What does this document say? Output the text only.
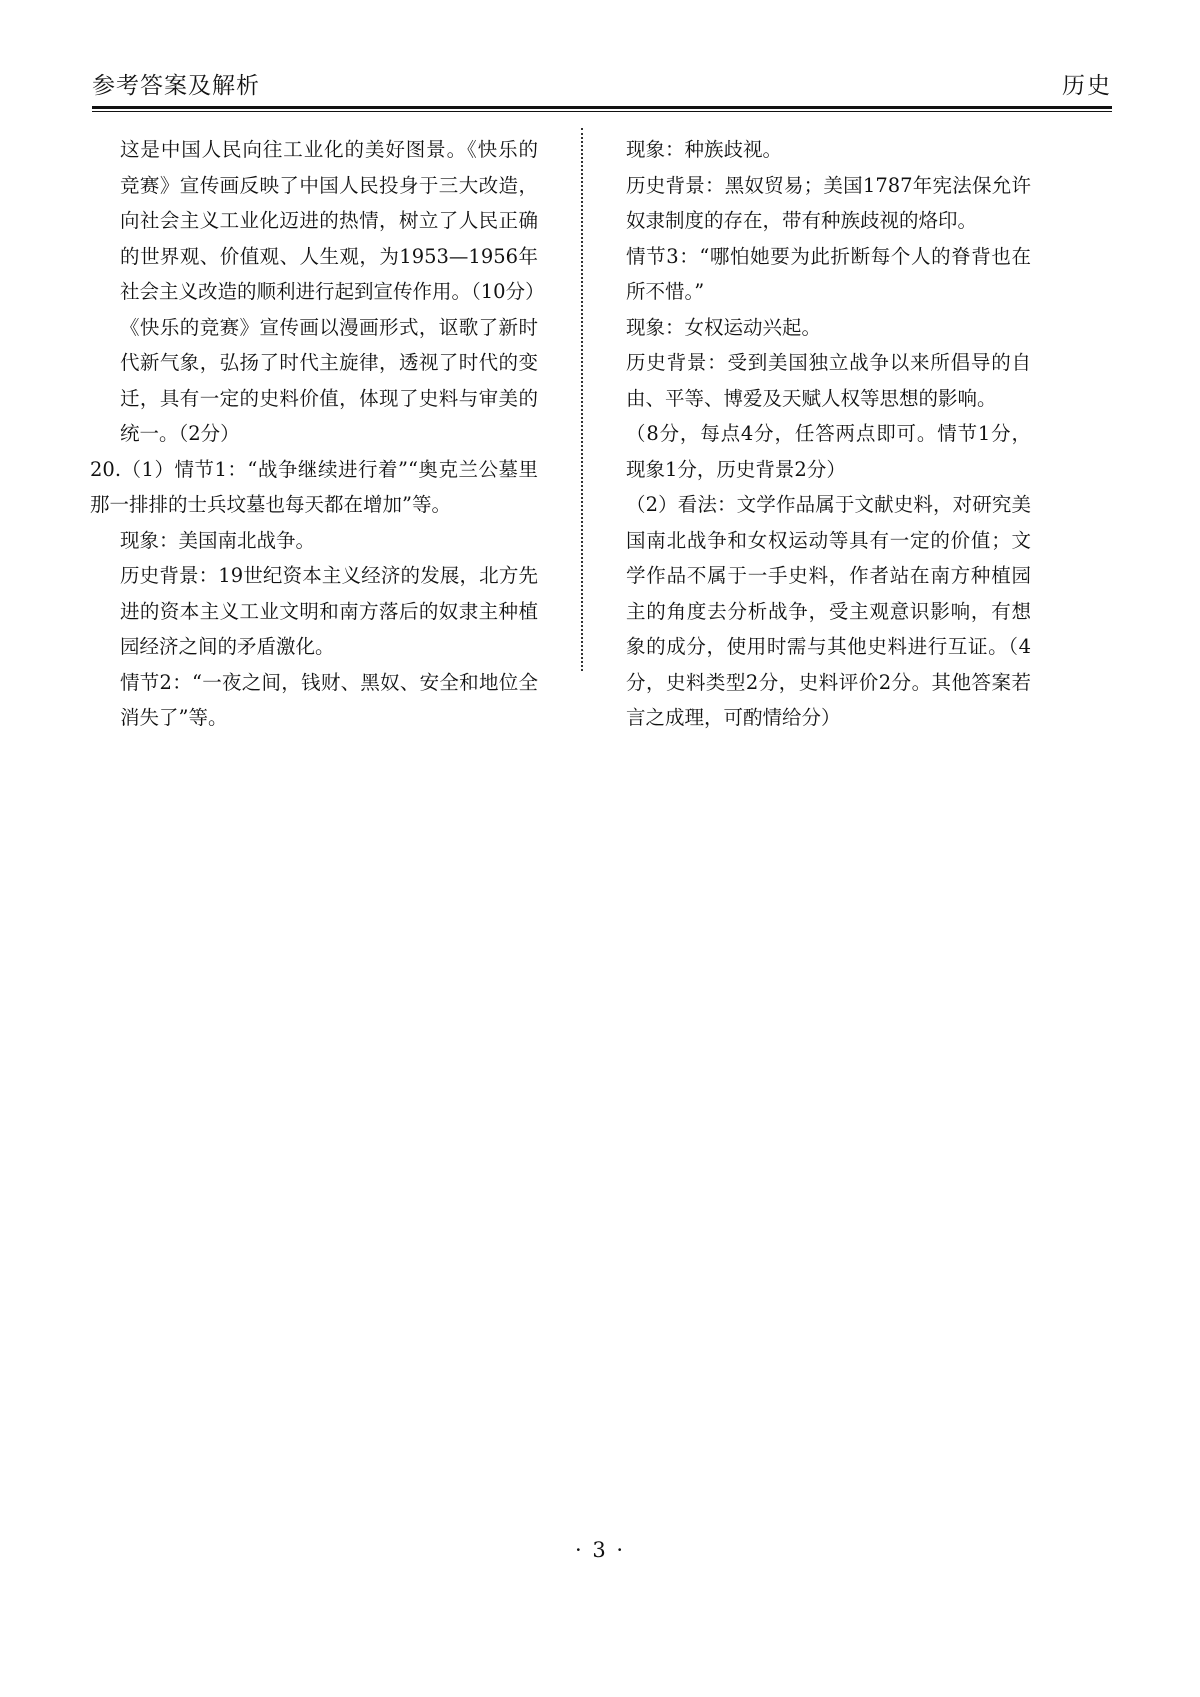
参考答案及解析	历史

这是中国人民向往工业化的美好图景。《快乐的竞赛》宣传画反映了中国人民投身于三大改造，向社会主义工业化迈进的热情，树立了人民正确的世界观、价值观、人生观，为1953—1956年社会主义改造的顺利进行起到宣传作用。（10分）

《快乐的竞赛》宣传画以漫画形式，讴歌了新时代新气象，弘扬了时代主旋律，透视了时代的变迁，具有一定的史料价值，体现了史料与审美的统一。（2分）

20.（1）情节1：“战争继续进行着”“奥克兰公墓里那一排排的士兵坟墓也每天都在增加”等。

现象：美国南北战争。

历史背景：19世纪资本主义经济的发展，北方先进的资本主义工业文明和南方落后的奴隶主种植园经济之间的矛盾激化。

情节2：“一夜之间，钱财、黑奴、安全和地位全消失了”等。

现象：种族歧视。

历史背景：黑奴贸易；美国1787年宪法保允许奴隶制度的存在，带有种族歧视的烙印。

情节3：“哪怕她要为此折断每个人的脊背也在所不惜。”

现象：女权运动兴起。

历史背景：受到美国独立战争以来所倡导的自由、平等、博爱及天赋人权等思想的影响。

（8分，每点4分，任答两点即可。情节1分，现象1分，历史背景2分）

（2）看法：文学作品属于文献史料，对研究美国南北战争和女权运动等具有一定的价值；文学作品不属于一手史料，作者站在南方种植园主的角度去分析战争，受主观意识影响，有想象的成分，使用时需与其他史料进行互证。（4分，史料类型2分，史料评价2分。其他答案若言之成理，可酌情给分）

· 3 ·
